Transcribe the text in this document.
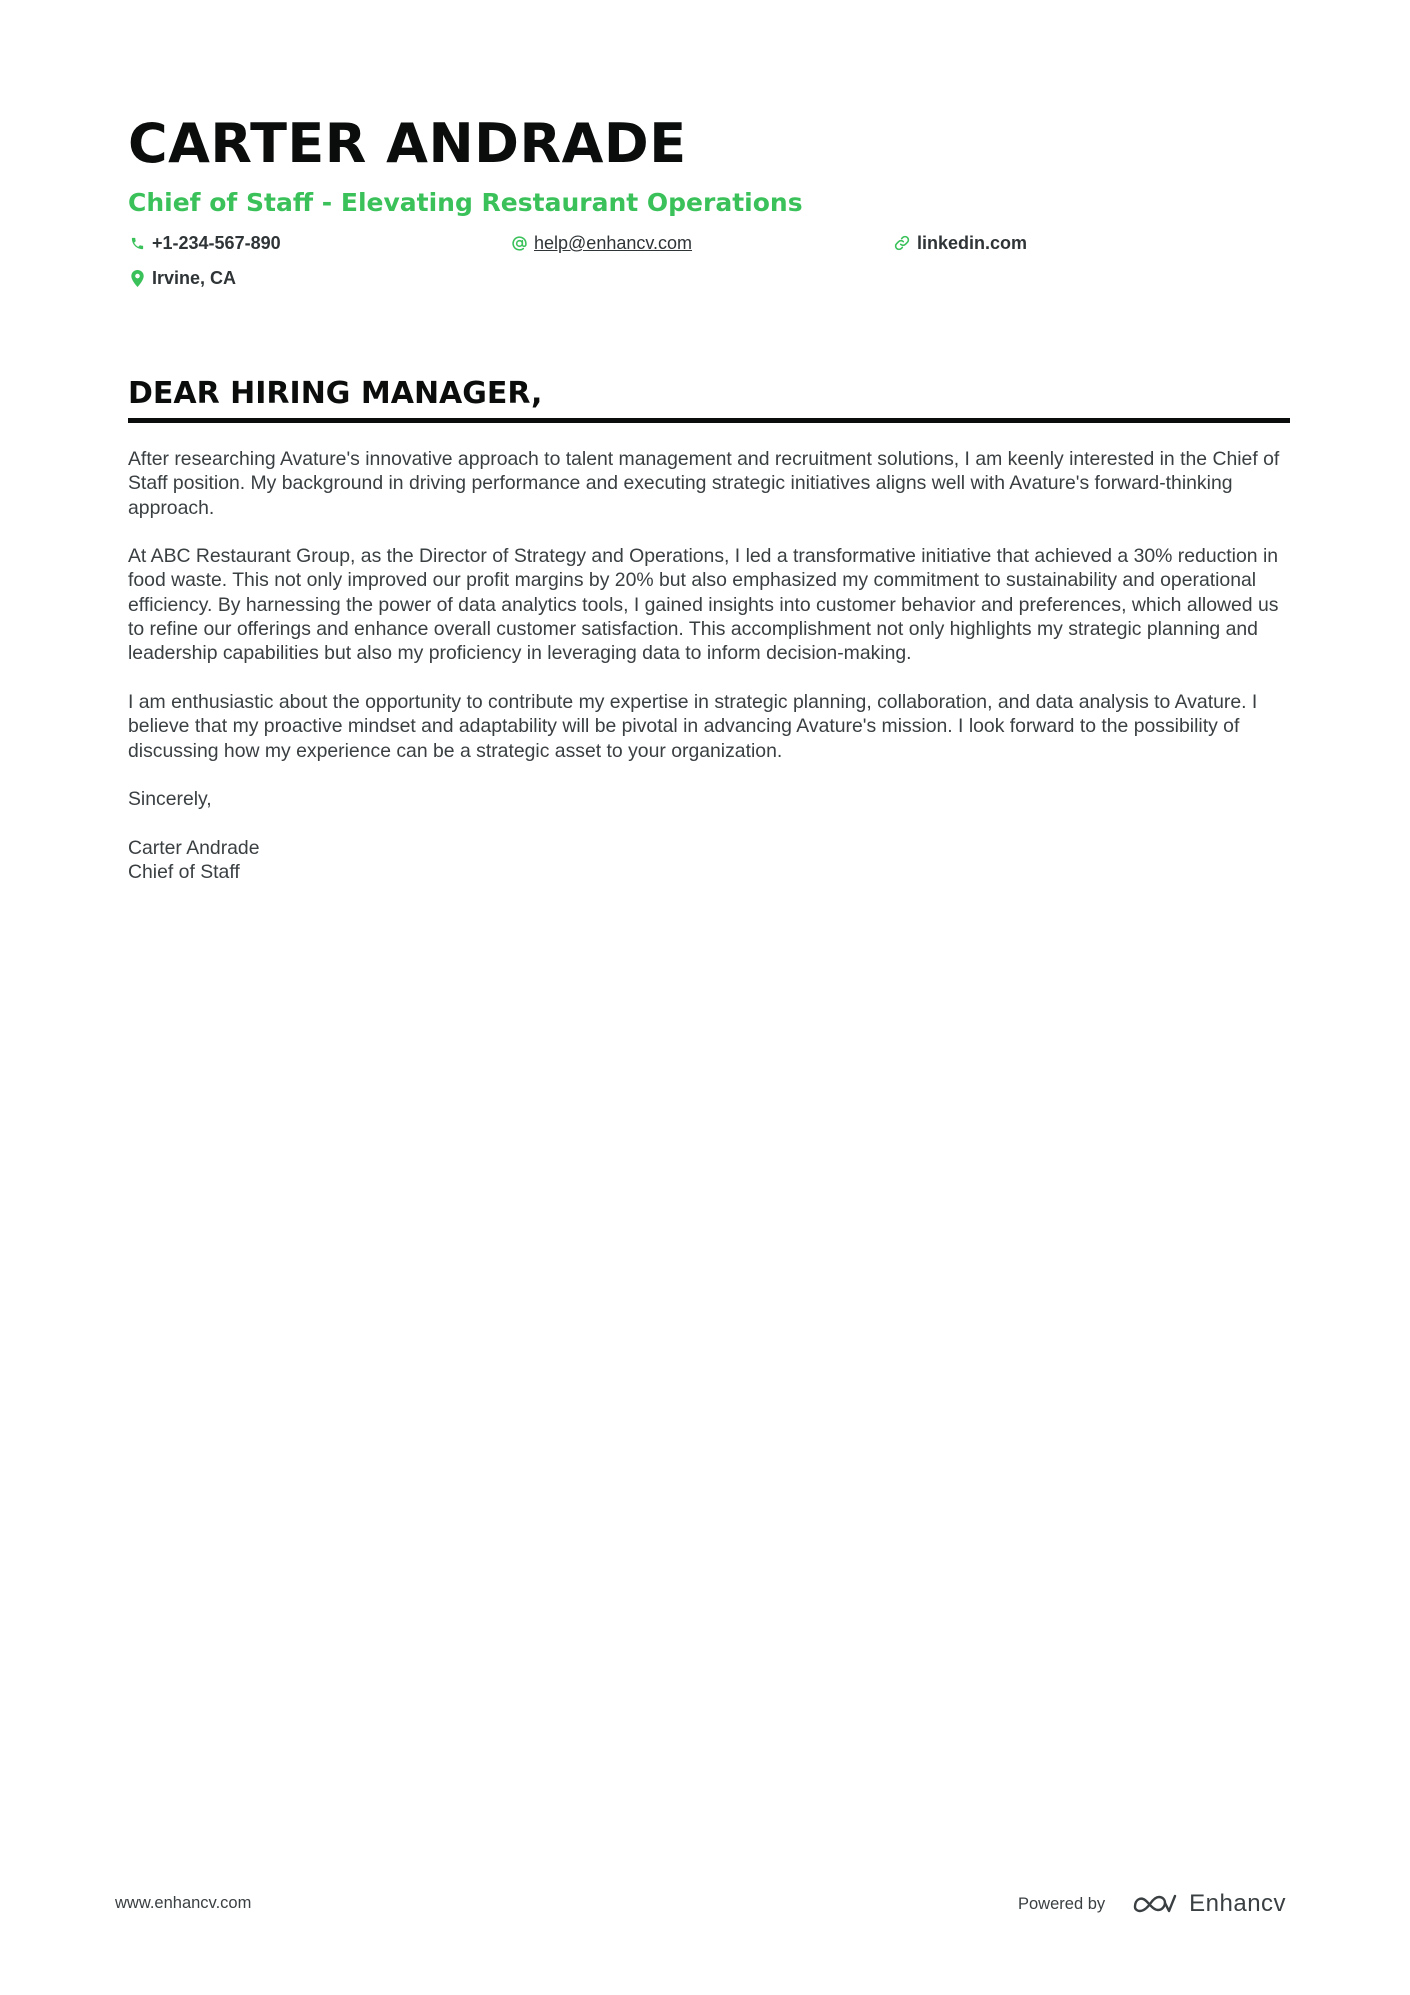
CARTER ANDRADE
Chief of Staff - Elevating Restaurant Operations
+1-234-567-890	help@enhancv.com	linkedin.com
Irvine, CA
DEAR HIRING MANAGER,

After researching Avature's innovative approach to talent management and recruitment solutions, I am keenly interested in the Chief of Staff position. My background in driving performance and executing strategic initiatives aligns well with Avature's forward-thinking approach.

At ABC Restaurant Group, as the Director of Strategy and Operations, I led a transformative initiative that achieved a 30% reduction in food waste. This not only improved our profit margins by 20% but also emphasized my commitment to sustainability and operational efficiency. By harnessing the power of data analytics tools, I gained insights into customer behavior and preferences, which allowed us to refine our offerings and enhance overall customer satisfaction. This accomplishment not only highlights my strategic planning and leadership capabilities but also my proficiency in leveraging data to inform decision-making.

I am enthusiastic about the opportunity to contribute my expertise in strategic planning, collaboration, and data analysis to Avature. I believe that my proactive mindset and adaptability will be pivotal in advancing Avature's mission. I look forward to the possibility of discussing how my experience can be a strategic asset to your organization.

Sincerely,

Carter Andrade
Chief of Staff
www.enhancv.com	Powered by	Enhancv
